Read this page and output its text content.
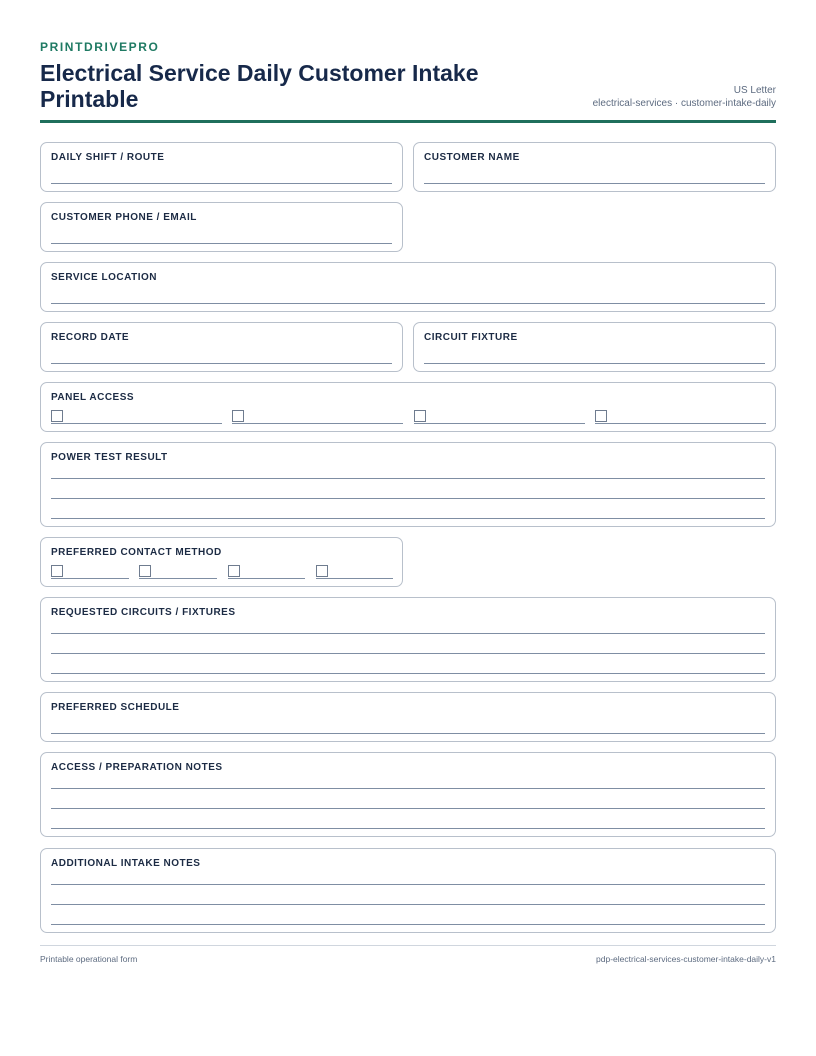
PRINTDRIVEPRO
Electrical Service Daily Customer Intake Printable	US Letter
electrical-services · customer-intake-daily
DAILY SHIFT / ROUTE	CUSTOMER NAME
CUSTOMER PHONE / EMAIL
SERVICE LOCATION
RECORD DATE	CIRCUIT FIXTURE
PANEL ACCESS
POWER TEST RESULT
PREFERRED CONTACT METHOD
REQUESTED CIRCUITS / FIXTURES
PREFERRED SCHEDULE
ACCESS / PREPARATION NOTES
ADDITIONAL INTAKE NOTES
Printable operational form	pdp-electrical-services-customer-intake-daily-v1
